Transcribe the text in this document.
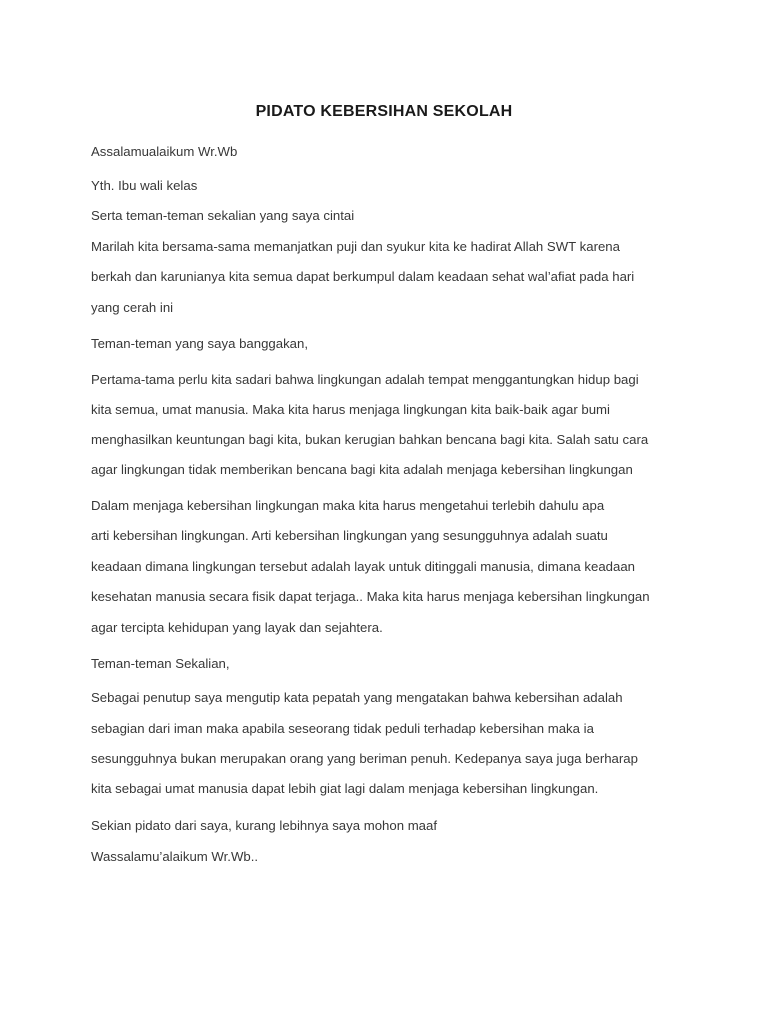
PIDATO KEBERSIHAN SEKOLAH
Assalamualaikum Wr.Wb
Yth. Ibu wali kelas
Serta teman-teman sekalian yang saya cintai
Marilah kita bersama-sama memanjatkan puji dan syukur kita ke hadirat Allah SWT karena
berkah dan karunianya kita semua dapat berkumpul dalam keadaan sehat wal’afiat pada hari
yang cerah ini
Teman-teman yang saya banggakan,
Pertama-tama perlu kita sadari bahwa lingkungan adalah tempat menggantungkan hidup bagi
kita semua, umat manusia. Maka kita harus menjaga lingkungan kita baik-baik agar bumi
menghasilkan keuntungan bagi kita, bukan kerugian bahkan bencana bagi kita. Salah satu cara
agar lingkungan tidak memberikan bencana bagi kita adalah menjaga kebersihan lingkungan
Dalam menjaga kebersihan lingkungan maka kita harus mengetahui terlebih dahulu apa
arti kebersihan lingkungan. Arti kebersihan lingkungan yang sesungguhnya adalah suatu
keadaan dimana lingkungan tersebut adalah layak untuk ditinggali manusia, dimana keadaan
kesehatan manusia secara fisik dapat terjaga.. Maka kita harus menjaga kebersihan lingkungan
agar tercipta kehidupan yang layak dan sejahtera.
Teman-teman Sekalian,
Sebagai penutup saya mengutip kata pepatah yang mengatakan bahwa kebersihan adalah
sebagian dari iman maka apabila seseorang tidak peduli terhadap kebersihan maka ia
sesungguhnya bukan merupakan orang yang beriman penuh. Kedepanya saya juga berharap
kita sebagai umat manusia dapat lebih giat lagi dalam menjaga kebersihan lingkungan.
Sekian pidato dari saya, kurang lebihnya saya mohon maaf
Wassalamu’alaikum Wr.Wb..
